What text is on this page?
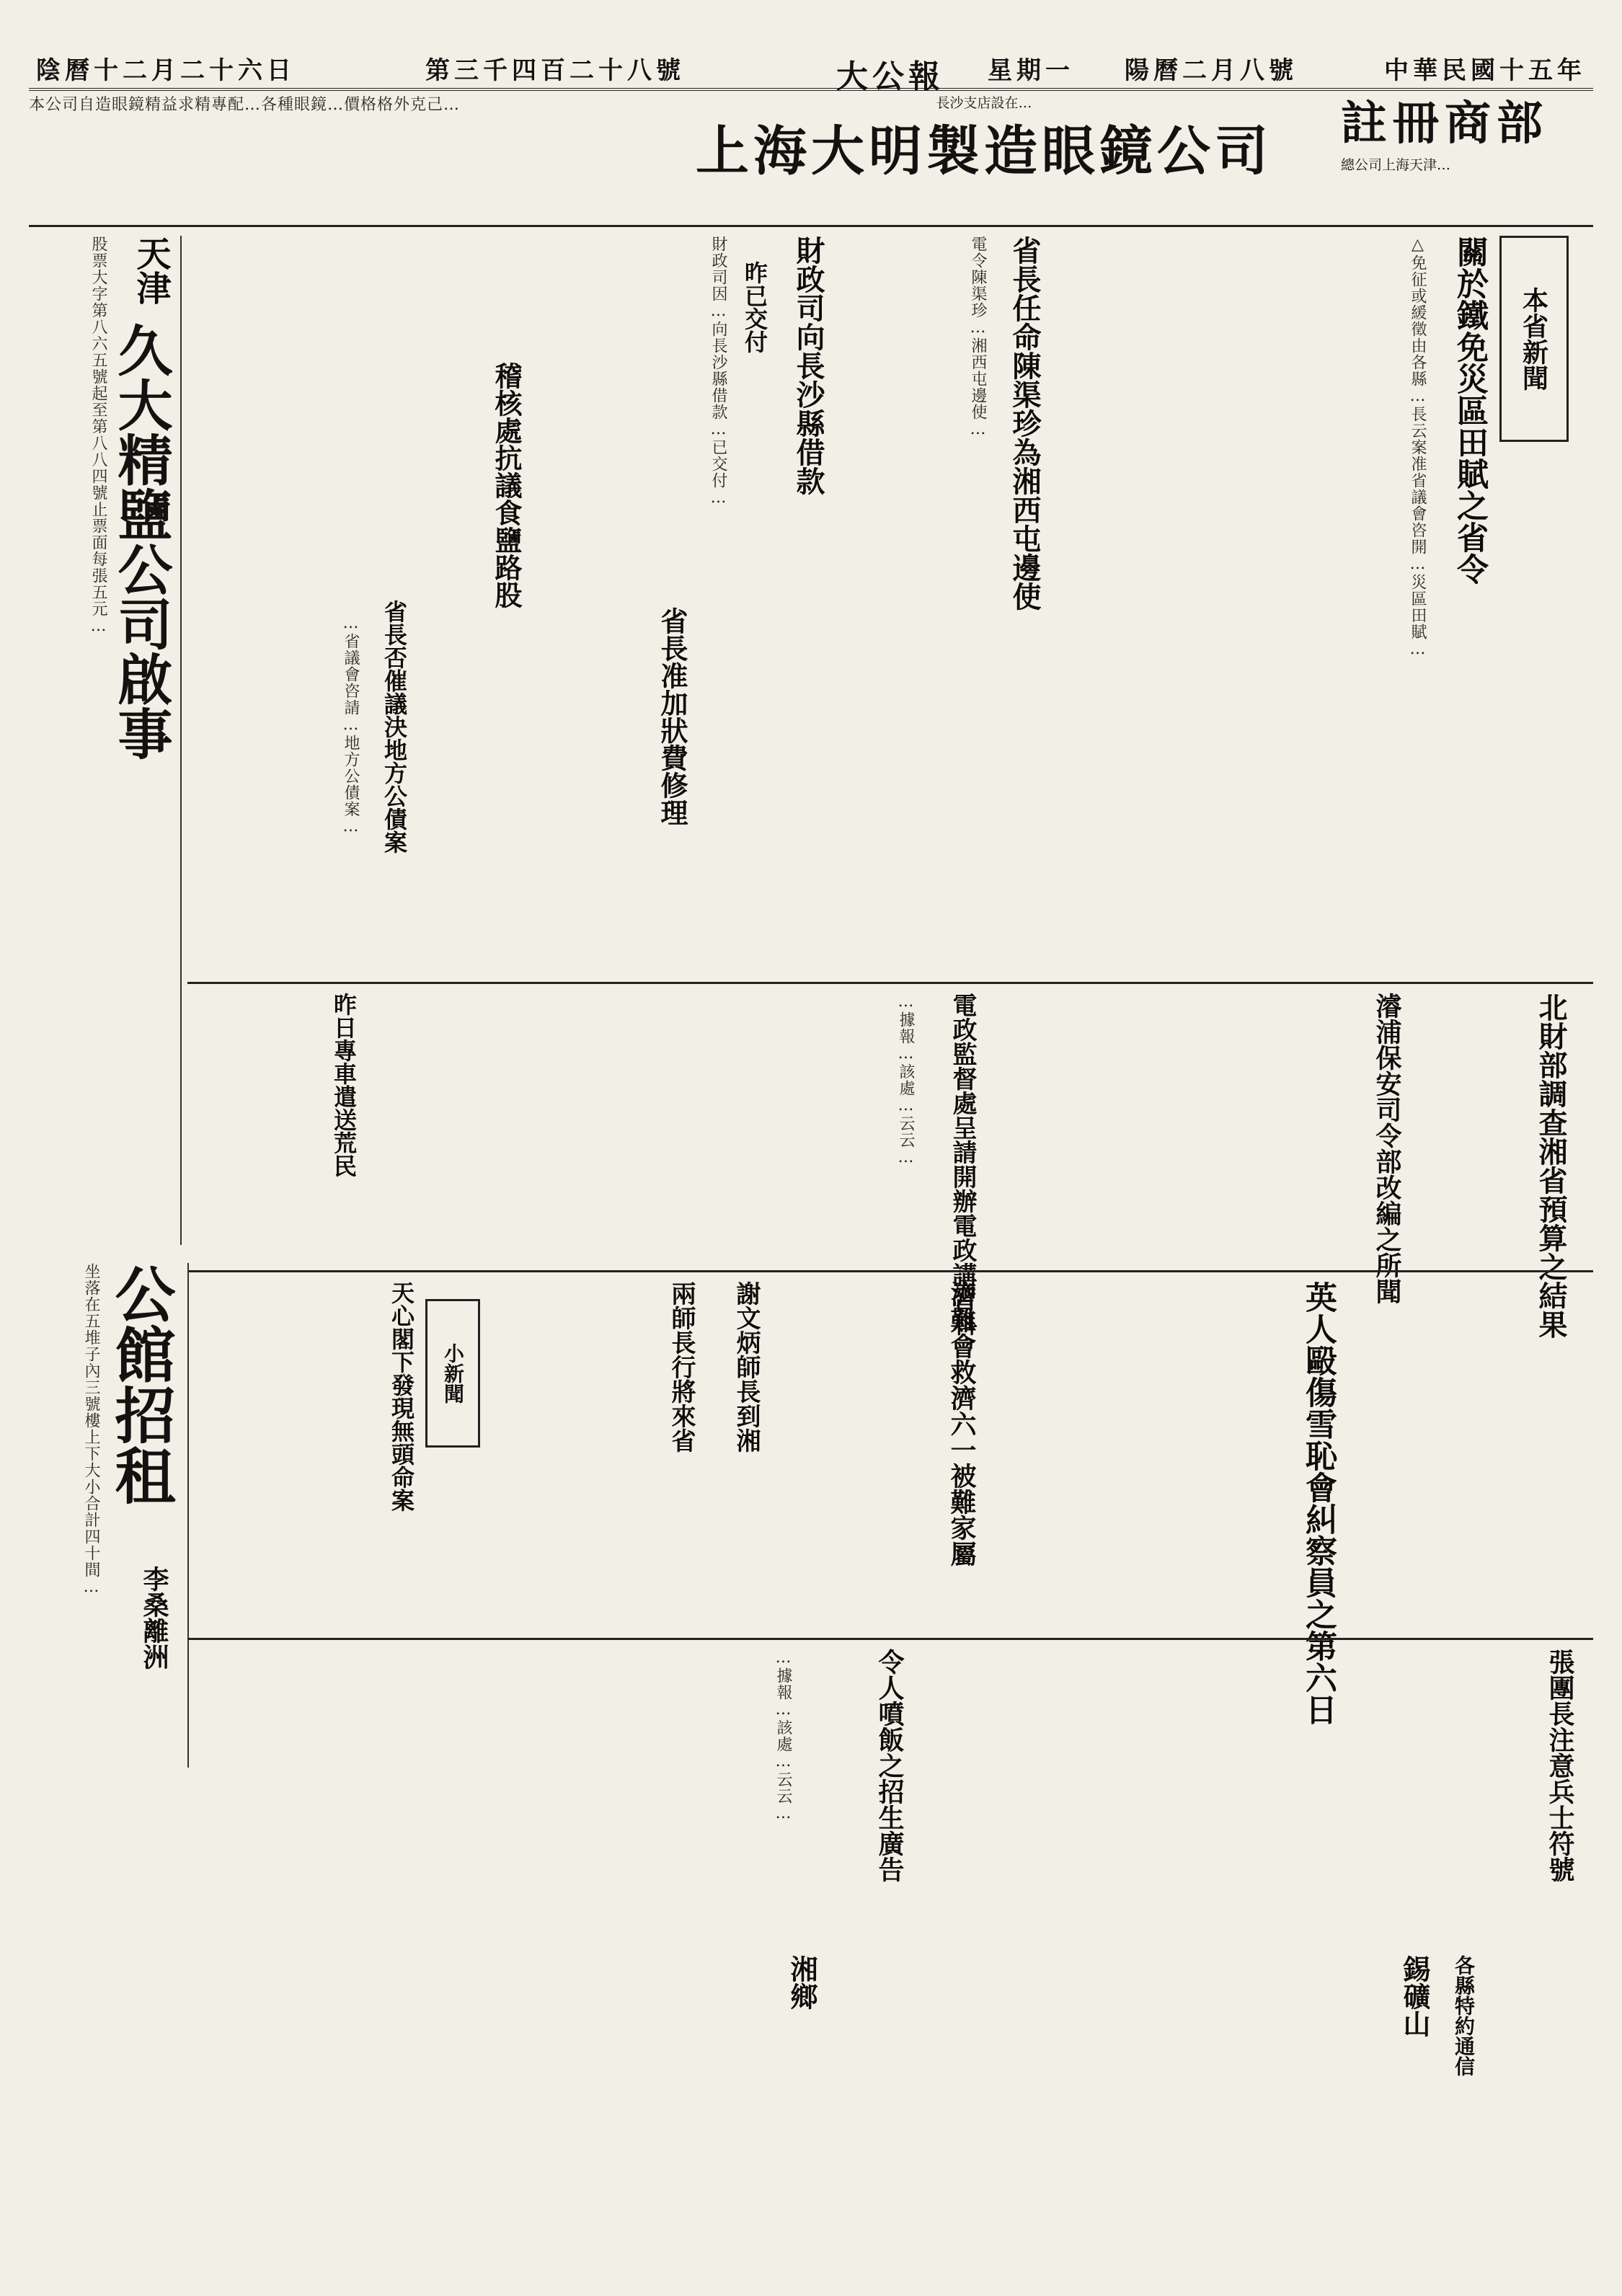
中華民國十五年
陽曆二月八號
星期一
大公報
第三千四百二十八號
陰曆十二月二十六日
註冊商部
總公司上海天津…
長沙支店設在…
上海大明製造眼鏡公司
本公司自造眼鏡精益求精專配…各種眼鏡…價格格外克己…
本省新聞
關於鐵免災區田賦之省令
△免征或緩徵由各縣…長云案准省議會咨開…災區田賦…
省長任命陳渠珍為湘西屯邊使
電令陳渠珍…湘西屯邊使…
財政司向長沙縣借款
昨已交付
財政司因…向長沙縣借款…已交付…
稽核處抗議食鹽路股
省長准加狀費修理
省長否催議決地方公債案
…省議會咨請…地方公債案…
天津
久大精鹽公司啟事
股票大字第八六五號起至第八八四號止票面每張五元…
北財部調查湘省預算之結果
濬浦保安司令部改編之所聞
電政監督處呈請開辦電政講習科
昨日專車遣送荒民	…據報…該處…云云…
英人毆傷雪恥會糾察員之第六日
濟難會救濟六一被難家屬
謝文炳師長到湘
兩師長行將來省
天心閣下發現無頭命案 小新聞
公館招租
李桑離洲
坐落在五堆子內三號樓上下大小合計四十間…
張團長注意兵士符號
令人噴飯之招生廣告
錫礦山	各縣特約通信
湘鄉
…據報…該處…云云…
